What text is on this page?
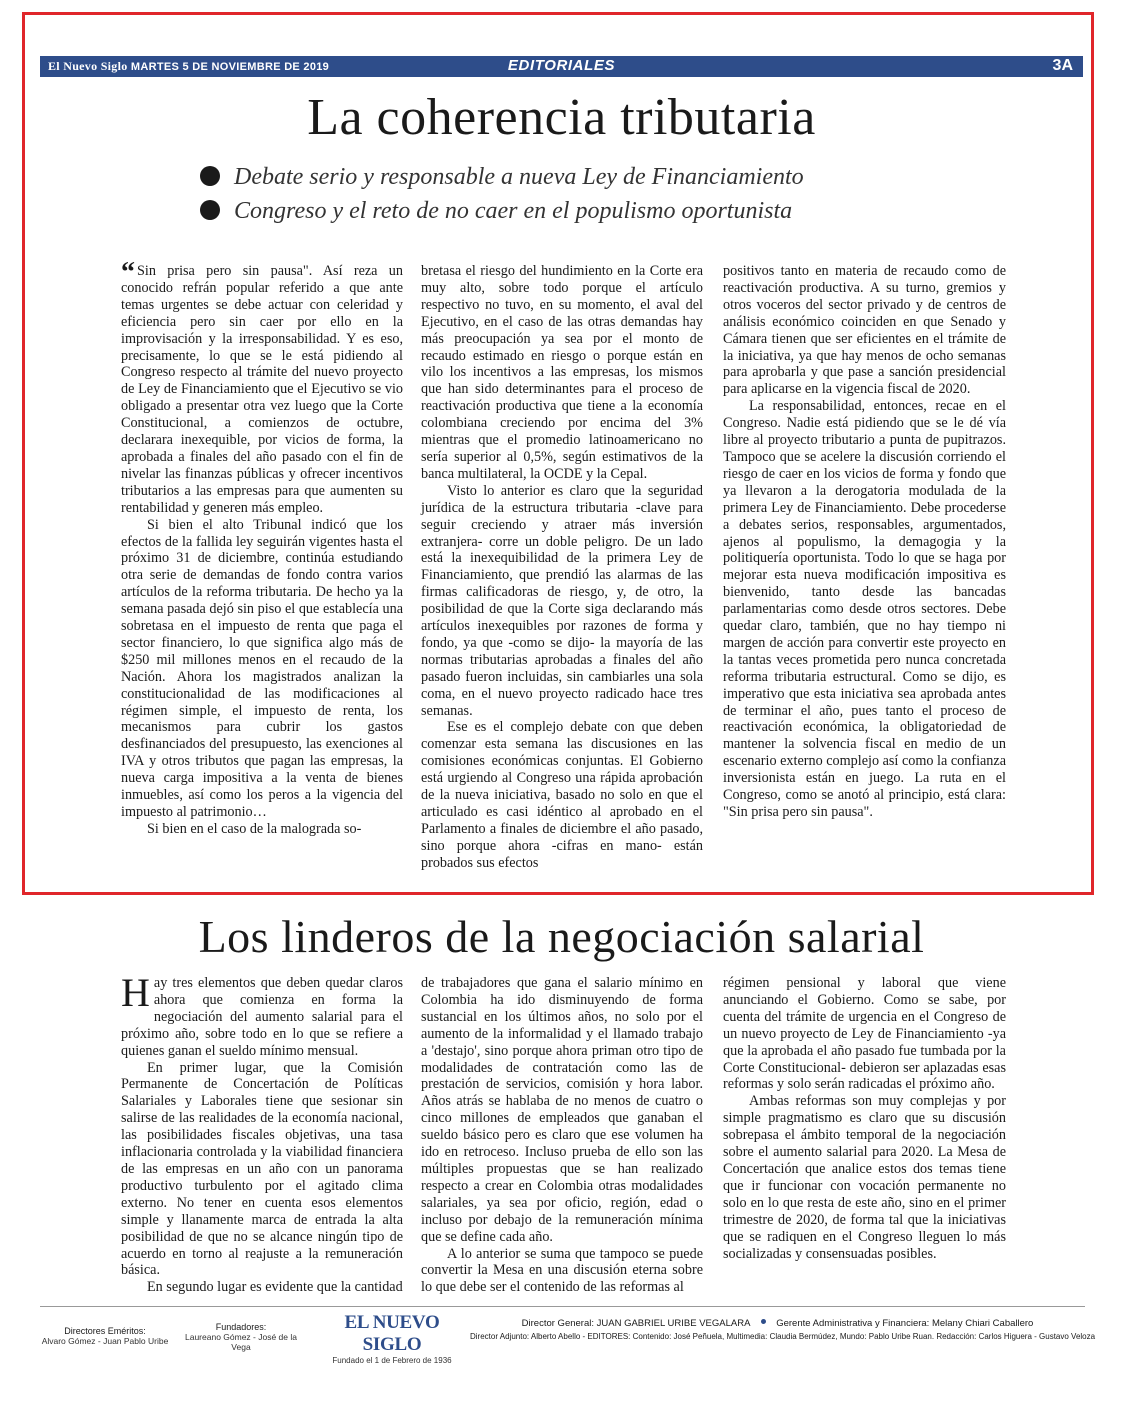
El Nuevo Siglo MARTES 5 DE NOVIEMBRE DE 2019	EDITORIALES	3A
La coherencia tributaria
Debate serio y responsable a nueva Ley de Financiamiento
Congreso y el reto de no caer en el populismo oportunista

“ Sin prisa pero sin pausa". Así reza un conocido refrán popular referido a que ante temas urgentes se debe actuar con celeridad y eficiencia pero sin caer por ello en la improvisación y la irresponsabilidad. Y es eso, precisamente, lo que se le está pidiendo al Congreso respecto al trámite del nuevo proyecto de Ley de Financiamiento que el Ejecutivo se vio obligado a presentar otra vez luego que la Corte Constitucional, a comienzos de octubre, declarara inexequible, por vicios de forma, la aprobada a finales del año pasado con el fin de nivelar las finanzas públicas y ofrecer incentivos tributarios a las empresas para que aumenten su rentabilidad y generen más empleo.

Si bien el alto Tribunal indicó que los efectos de la fallida ley seguirán vigentes hasta el próximo 31 de diciembre, continúa estudiando otra serie de demandas de fondo contra varios artículos de la reforma tributaria. De hecho ya la semana pasada dejó sin piso el que establecía una sobretasa en el impuesto de renta que paga el sector financiero, lo que significa algo más de $250 mil millones menos en el recaudo de la Nación. Ahora los magistrados analizan la constitucionalidad de las modificaciones al régimen simple, el impuesto de renta, los mecanismos para cubrir los gastos desfinanciados del presupuesto, las exenciones al IVA y otros tributos que pagan las empresas, la nueva carga impositiva a la venta de bienes inmuebles, así como los peros a la vigencia del impuesto al patrimonio…

Si bien en el caso de la malograda so-

bretasa el riesgo del hundimiento en la Corte era muy alto, sobre todo porque el artículo respectivo no tuvo, en su momento, el aval del Ejecutivo, en el caso de las otras demandas hay más preocupación ya sea por el monto de recaudo estimado en riesgo o porque están en vilo los incentivos a las empresas, los mismos que han sido determinantes para el proceso de reactivación productiva que tiene a la economía colombiana creciendo por encima del 3% mientras que el promedio latinoamericano no sería superior al 0,5%, según estimativos de la banca multilateral, la OCDE y la Cepal.

Visto lo anterior es claro que la seguridad jurídica de la estructura tributaria -clave para seguir creciendo y atraer más inversión extranjera- corre un doble peligro. De un lado está la inexequibilidad de la primera Ley de Financiamiento, que prendió las alarmas de las firmas calificadoras de riesgo, y, de otro, la posibilidad de que la Corte siga declarando más artículos inexequibles por razones de forma y fondo, ya que -como se dijo- la mayoría de las normas tributarias aprobadas a finales del año pasado fueron incluidas, sin cambiarles una sola coma, en el nuevo proyecto radicado hace tres semanas.

Ese es el complejo debate con que deben comenzar esta semana las discusiones en las comisiones económicas conjuntas. El Gobierno está urgiendo al Congreso una rápida aprobación de la nueva iniciativa, basado no solo en que el articulado es casi idéntico al aprobado en el Parlamento a finales de diciembre el año pasado, sino porque ahora -cifras en mano- están probados sus efectos

positivos tanto en materia de recaudo como de reactivación productiva. A su turno, gremios y otros voceros del sector privado y de centros de análisis económico coinciden en que Senado y Cámara tienen que ser eficientes en el trámite de la iniciativa, ya que hay menos de ocho semanas para aprobarla y que pase a sanción presidencial para aplicarse en la vigencia fiscal de 2020.

La responsabilidad, entonces, recae en el Congreso. Nadie está pidiendo que se le dé vía libre al proyecto tributario a punta de pupitrazos. Tampoco que se acelere la discusión corriendo el riesgo de caer en los vicios de forma y fondo que ya llevaron a la derogatoria modulada de la primera Ley de Financiamiento. Debe procederse a debates serios, responsables, argumentados, ajenos al populismo, la demagogia y la politiquería oportunista. Todo lo que se haga por mejorar esta nueva modificación impositiva es bienvenido, tanto desde las bancadas parlamentarias como desde otros sectores. Debe quedar claro, también, que no hay tiempo ni margen de acción para convertir este proyecto en la tantas veces prometida pero nunca concretada reforma tributaria estructural. Como se dijo, es imperativo que esta iniciativa sea aprobada antes de terminar el año, pues tanto el proceso de reactivación económica, la obligatoriedad de mantener la solvencia fiscal en medio de un escenario externo complejo así como la confianza inversionista están en juego. La ruta en el Congreso, como se anotó al principio, está clara: "Sin prisa pero sin pausa".

Los linderos de la negociación salarial

Hay tres elementos que deben quedar claros ahora que comienza en forma la negociación del aumento salarial para el próximo año, sobre todo en lo que se refiere a quienes ganan el sueldo mínimo mensual.

En primer lugar, que la Comisión Permanente de Concertación de Políticas Salariales y Laborales tiene que sesionar sin salirse de las realidades de la economía nacional, las posibilidades fiscales objetivas, una tasa inflacionaria controlada y la viabilidad financiera de las empresas en un año con un panorama productivo turbulento por el agitado clima externo. No tener en cuenta esos elementos simple y llanamente marca de entrada la alta posibilidad de que no se alcance ningún tipo de acuerdo en torno al reajuste a la remuneración básica.

En segundo lugar es evidente que la cantidad

de trabajadores que gana el salario mínimo en Colombia ha ido disminuyendo de forma sustancial en los últimos años, no solo por el aumento de la informalidad y el llamado trabajo a 'destajo', sino porque ahora priman otro tipo de modalidades de contratación como las de prestación de servicios, comisión y hora labor. Años atrás se hablaba de no menos de cuatro o cinco millones de empleados que ganaban el sueldo básico pero es claro que ese volumen ha ido en retroceso. Incluso prueba de ello son las múltiples propuestas que se han realizado respecto a crear en Colombia otras modalidades salariales, ya sea por oficio, región, edad o incluso por debajo de la remuneración mínima que se define cada año.

A lo anterior se suma que tampoco se puede convertir la Mesa en una discusión eterna sobre lo que debe ser el contenido de las reformas al

régimen pensional y laboral que viene anunciando el Gobierno. Como se sabe, por cuenta del trámite de urgencia en el Congreso de un nuevo proyecto de Ley de Financiamiento -ya que la aprobada el año pasado fue tumbada por la Corte Constitucional- debieron ser aplazadas esas reformas y solo serán radicadas el próximo año.

Ambas reformas son muy complejas y por simple pragmatismo es claro que su discusión sobrepasa el ámbito temporal de la negociación sobre el aumento salarial para 2020. La Mesa de Concertación que analice estos dos temas tiene que ir funcionar con vocación permanente no solo en lo que resta de este año, sino en el primer trimestre de 2020, de forma tal que la iniciativas que se radiquen en el Congreso lleguen lo más socializadas y consensuadas posibles.

Directores Eméritos:
Alvaro Gómez - Juan Pablo Uribe
Fundadores:
Laureano Gómez - José de la Vega
EL NUEVO SIGLO
Fundado el 1 de Febrero de 1936
Director General: JUAN GABRIEL URIBE VEGALARA	Gerente Administrativa y Financiera: Melany Chiari Caballero
Director Adjunto: Alberto Abello - EDITORES: Contenido: José Peñuela, Multimedia: Claudia Bermúdez, Mundo: Pablo Uribe Ruan. Redacción: Carlos Higuera - Gustavo Veloza
